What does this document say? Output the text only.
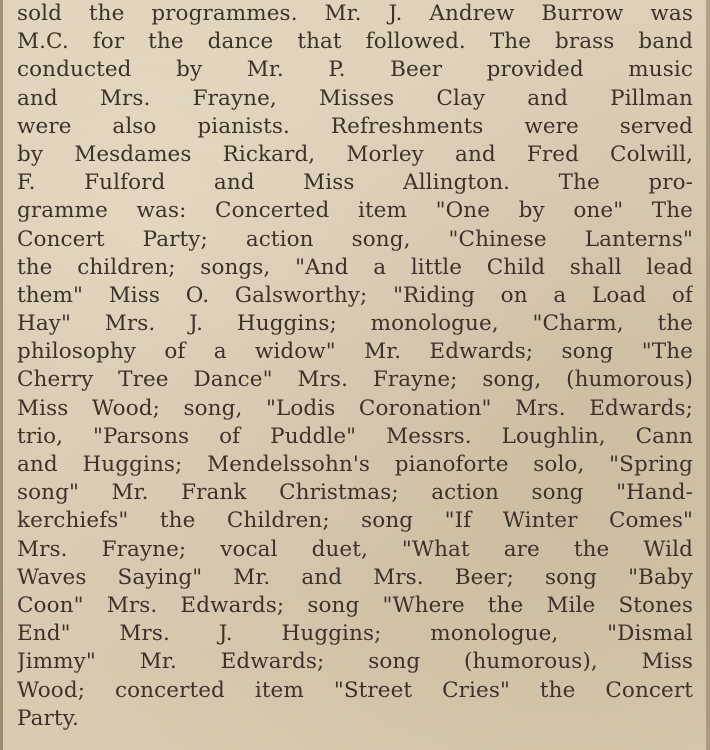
sold the programmes. Mr. J. Andrew Burrow was
M.C. for the dance that followed. The brass band
conducted by Mr. P. Beer provided music
and Mrs. Frayne, Misses Clay and Pillman
were also pianists. Refreshments were served
by Mesdames Rickard, Morley and Fred Colwill,
F. Fulford and Miss Allington. The pro-
gramme was: Concerted item "One by one" The
Concert Party; action song, "Chinese Lanterns"
the children; songs, "And a little Child shall lead
them" Miss O. Galsworthy; "Riding on a Load of
Hay" Mrs. J. Huggins; monologue, "Charm, the
philosophy of a widow" Mr. Edwards; song "The
Cherry Tree Dance" Mrs. Frayne; song, (humorous)
Miss Wood; song, "Lodis Coronation" Mrs. Edwards;
trio, "Parsons of Puddle" Messrs. Loughlin, Cann
and Huggins; Mendelssohn's pianoforte solo, "Spring
song" Mr. Frank Christmas; action song "Hand-
kerchiefs" the Children; song "If Winter Comes"
Mrs. Frayne; vocal duet, "What are the Wild
Waves Saying" Mr. and Mrs. Beer; song "Baby
Coon" Mrs. Edwards; song "Where the Mile Stones
End" Mrs. J. Huggins; monologue, "Dismal
Jimmy" Mr. Edwards; song (humorous), Miss
Wood; concerted item "Street Cries" the Concert
Party.
